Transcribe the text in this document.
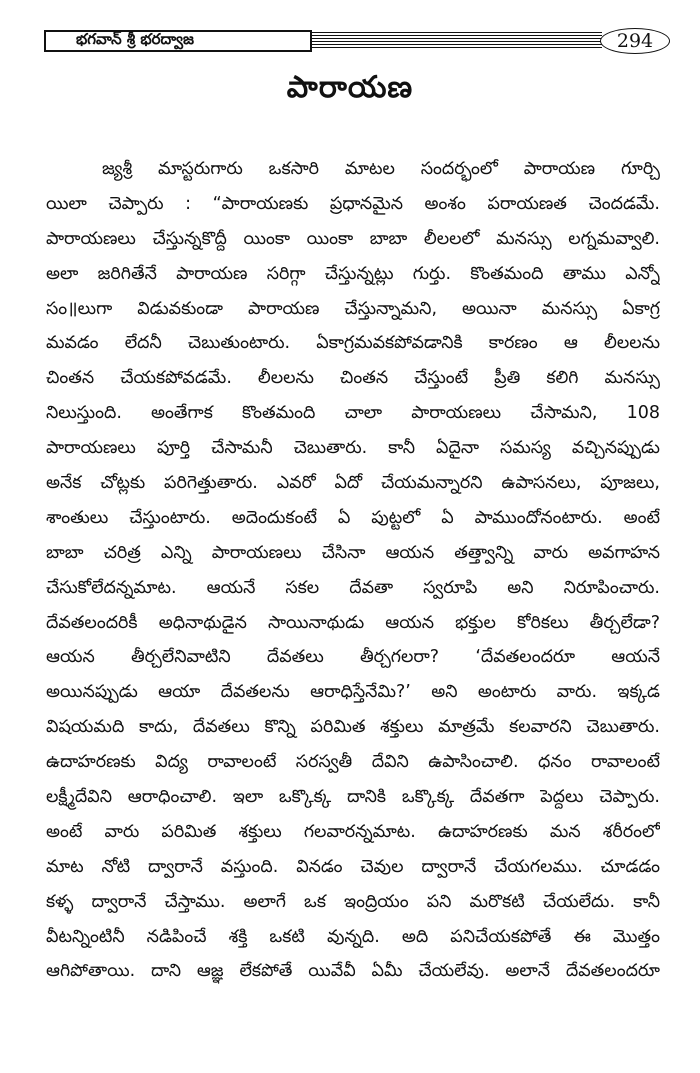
భగవాన్ శ్రీ భరద్వాజ	294
పారాయణ
పూ జ్యశ్రీ మాస్టరుగారు ఒకసారి మాటల సందర్భంలో పారాయణ గూర్చి
యిలా చెప్పారు : “పారాయణకు ప్రధానమైన అంశం పరాయణత చెందడమే.
పారాయణలు చేస్తున్నకొద్దీ యింకా యింకా బాబా లీలలలో మనస్సు లగ్నమవ్వాలి.
అలా జరిగితేనే పారాయణ సరిగ్గా చేస్తున్నట్లు గుర్తు. కొంతమంది తాము ఎన్నో
సం॥లుగా విడువకుండా పారాయణ చేస్తున్నామని, అయినా మనస్సు ఏకాగ్ర
మవడం లేదనీ చెబుతుంటారు. ఏకాగ్రమవకపోవడానికి కారణం ఆ లీలలను
చింతన చేయకపోవడమే. లీలలను చింతన చేస్తుంటే ప్రీతి కలిగి మనస్సు
నిలుస్తుంది. అంతేగాక కొంతమంది చాలా పారాయణలు చేసామని, 108
పారాయణలు పూర్తి చేసామనీ చెబుతారు. కానీ ఏదైనా సమస్య వచ్చినప్పుడు
అనేక చోట్లకు పరిగెత్తుతారు. ఎవరో ఏదో చేయమన్నారని ఉపాసనలు, పూజలు,
శాంతులు చేస్తుంటారు. అదెందుకంటే ఏ పుట్టలో ఏ పాముందోనంటారు. అంటే
బాబా చరిత్ర ఎన్ని పారాయణలు చేసినా ఆయన తత్త్వాన్ని వారు అవగాహన
చేసుకోలేదన్నమాట. ఆయనే సకల దేవతా స్వరూపి అని నిరూపించారు.
దేవతలందరికీ అధినాథుడైన సాయినాథుడు ఆయన భక్తుల కోరికలు తీర్చలేడా?
ఆయన తీర్చలేనివాటిని దేవతలు తీర్చగలరా? ‘దేవతలందరూ ఆయనే
అయినప్పుడు ఆయా దేవతలను ఆరాధిస్తేనేమి?’ అని అంటారు వారు. ఇక్కడ
విషయమది కాదు, దేవతలు కొన్ని పరిమిత శక్తులు మాత్రమే కలవారని చెబుతారు.
ఉదాహరణకు విద్య రావాలంటే సరస్వతీ దేవిని ఉపాసించాలి. ధనం రావాలంటే
లక్ష్మీదేవిని ఆరాధించాలి. ఇలా ఒక్కొక్క దానికి ఒక్కొక్క దేవతగా పెద్దలు చెప్పారు.
అంటే వారు పరిమిత శక్తులు గలవారన్నమాట. ఉదాహరణకు మన శరీరంలో
మాట నోటి ద్వారానే వస్తుంది. వినడం చెవుల ద్వారానే చేయగలము. చూడడం
కళ్ళ ద్వారానే చేస్తాము. అలాగే ఒక ఇంద్రియం పని మరొకటి చేయలేదు. కానీ
వీటన్నింటినీ నడిపించే శక్తి ఒకటి వున్నది. అది పనిచేయకపోతే ఈ మొత్తం
ఆగిపోతాయి. దాని ఆజ్ఞ లేకపోతే యివేవీ ఏమీ చేయలేవు. అలానే దేవతలందరూ
